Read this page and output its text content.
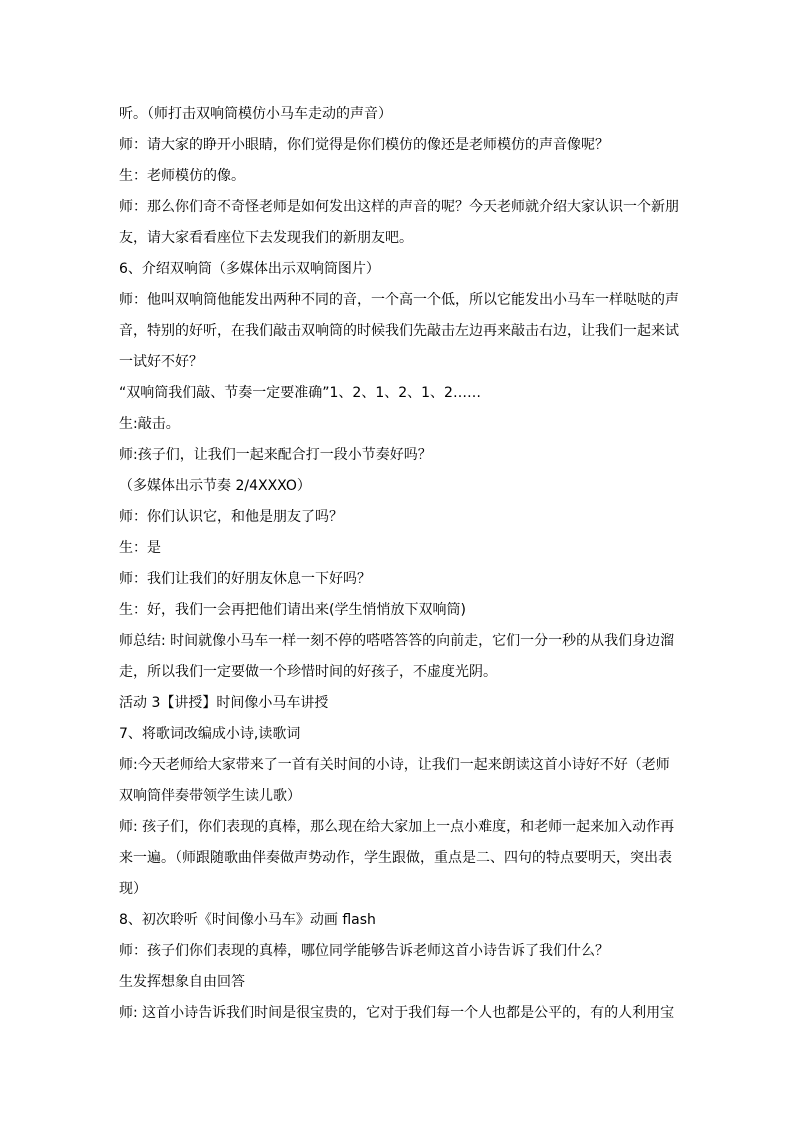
听。（师打击双响筒模仿小马车走动的声音）
师：请大家的睁开小眼睛，你们觉得是你们模仿的像还是老师模仿的声音像呢？
生：老师模仿的像。
师：那么你们奇不奇怪老师是如何发出这样的声音的呢？今天老师就介绍大家认识一个新朋
友，请大家看看座位下去发现我们的新朋友吧。
6、介绍双响筒（多媒体出示双响筒图片）
师：他叫双响筒他能发出两种不同的音，一个高一个低，所以它能发出小马车一样哒哒的声
音，特别的好听，在我们敲击双响筒的时候我们先敲击左边再来敲击右边，让我们一起来试
一试好不好？
“双响筒我们敲、节奏一定要准确”1、2、1、2、1、2……
生:敲击。
师:孩子们，让我们一起来配合打一段小节奏好吗？
（多媒体出示节奏 2/4XXXO）
师：你们认识它，和他是朋友了吗？
生：是
师：我们让我们的好朋友休息一下好吗？
生：好，我们一会再把他们请出来(学生悄悄放下双响筒)
师总结: 时间就像小马车一样一刻不停的嗒嗒答答的向前走，它们一分一秒的从我们身边溜
走，所以我们一定要做一个珍惜时间的好孩子，不虚度光阴。
活动 3【讲授】时间像小马车讲授
7、将歌词改编成小诗,读歌词
师:今天老师给大家带来了一首有关时间的小诗，让我们一起来朗读这首小诗好不好（老师
双响筒伴奏带领学生读儿歌）
师: 孩子们，你们表现的真棒，那么现在给大家加上一点小难度，和老师一起来加入动作再
来一遍。（师跟随歌曲伴奏做声势动作，学生跟做，重点是二、四句的特点要明天，突出表
现）
8、初次聆听《时间像小马车》动画 flash
师：孩子们你们表现的真棒，哪位同学能够告诉老师这首小诗告诉了我们什么？
生发挥想象自由回答
师: 这首小诗告诉我们时间是很宝贵的，它对于我们每一个人也都是公平的，有的人利用宝
